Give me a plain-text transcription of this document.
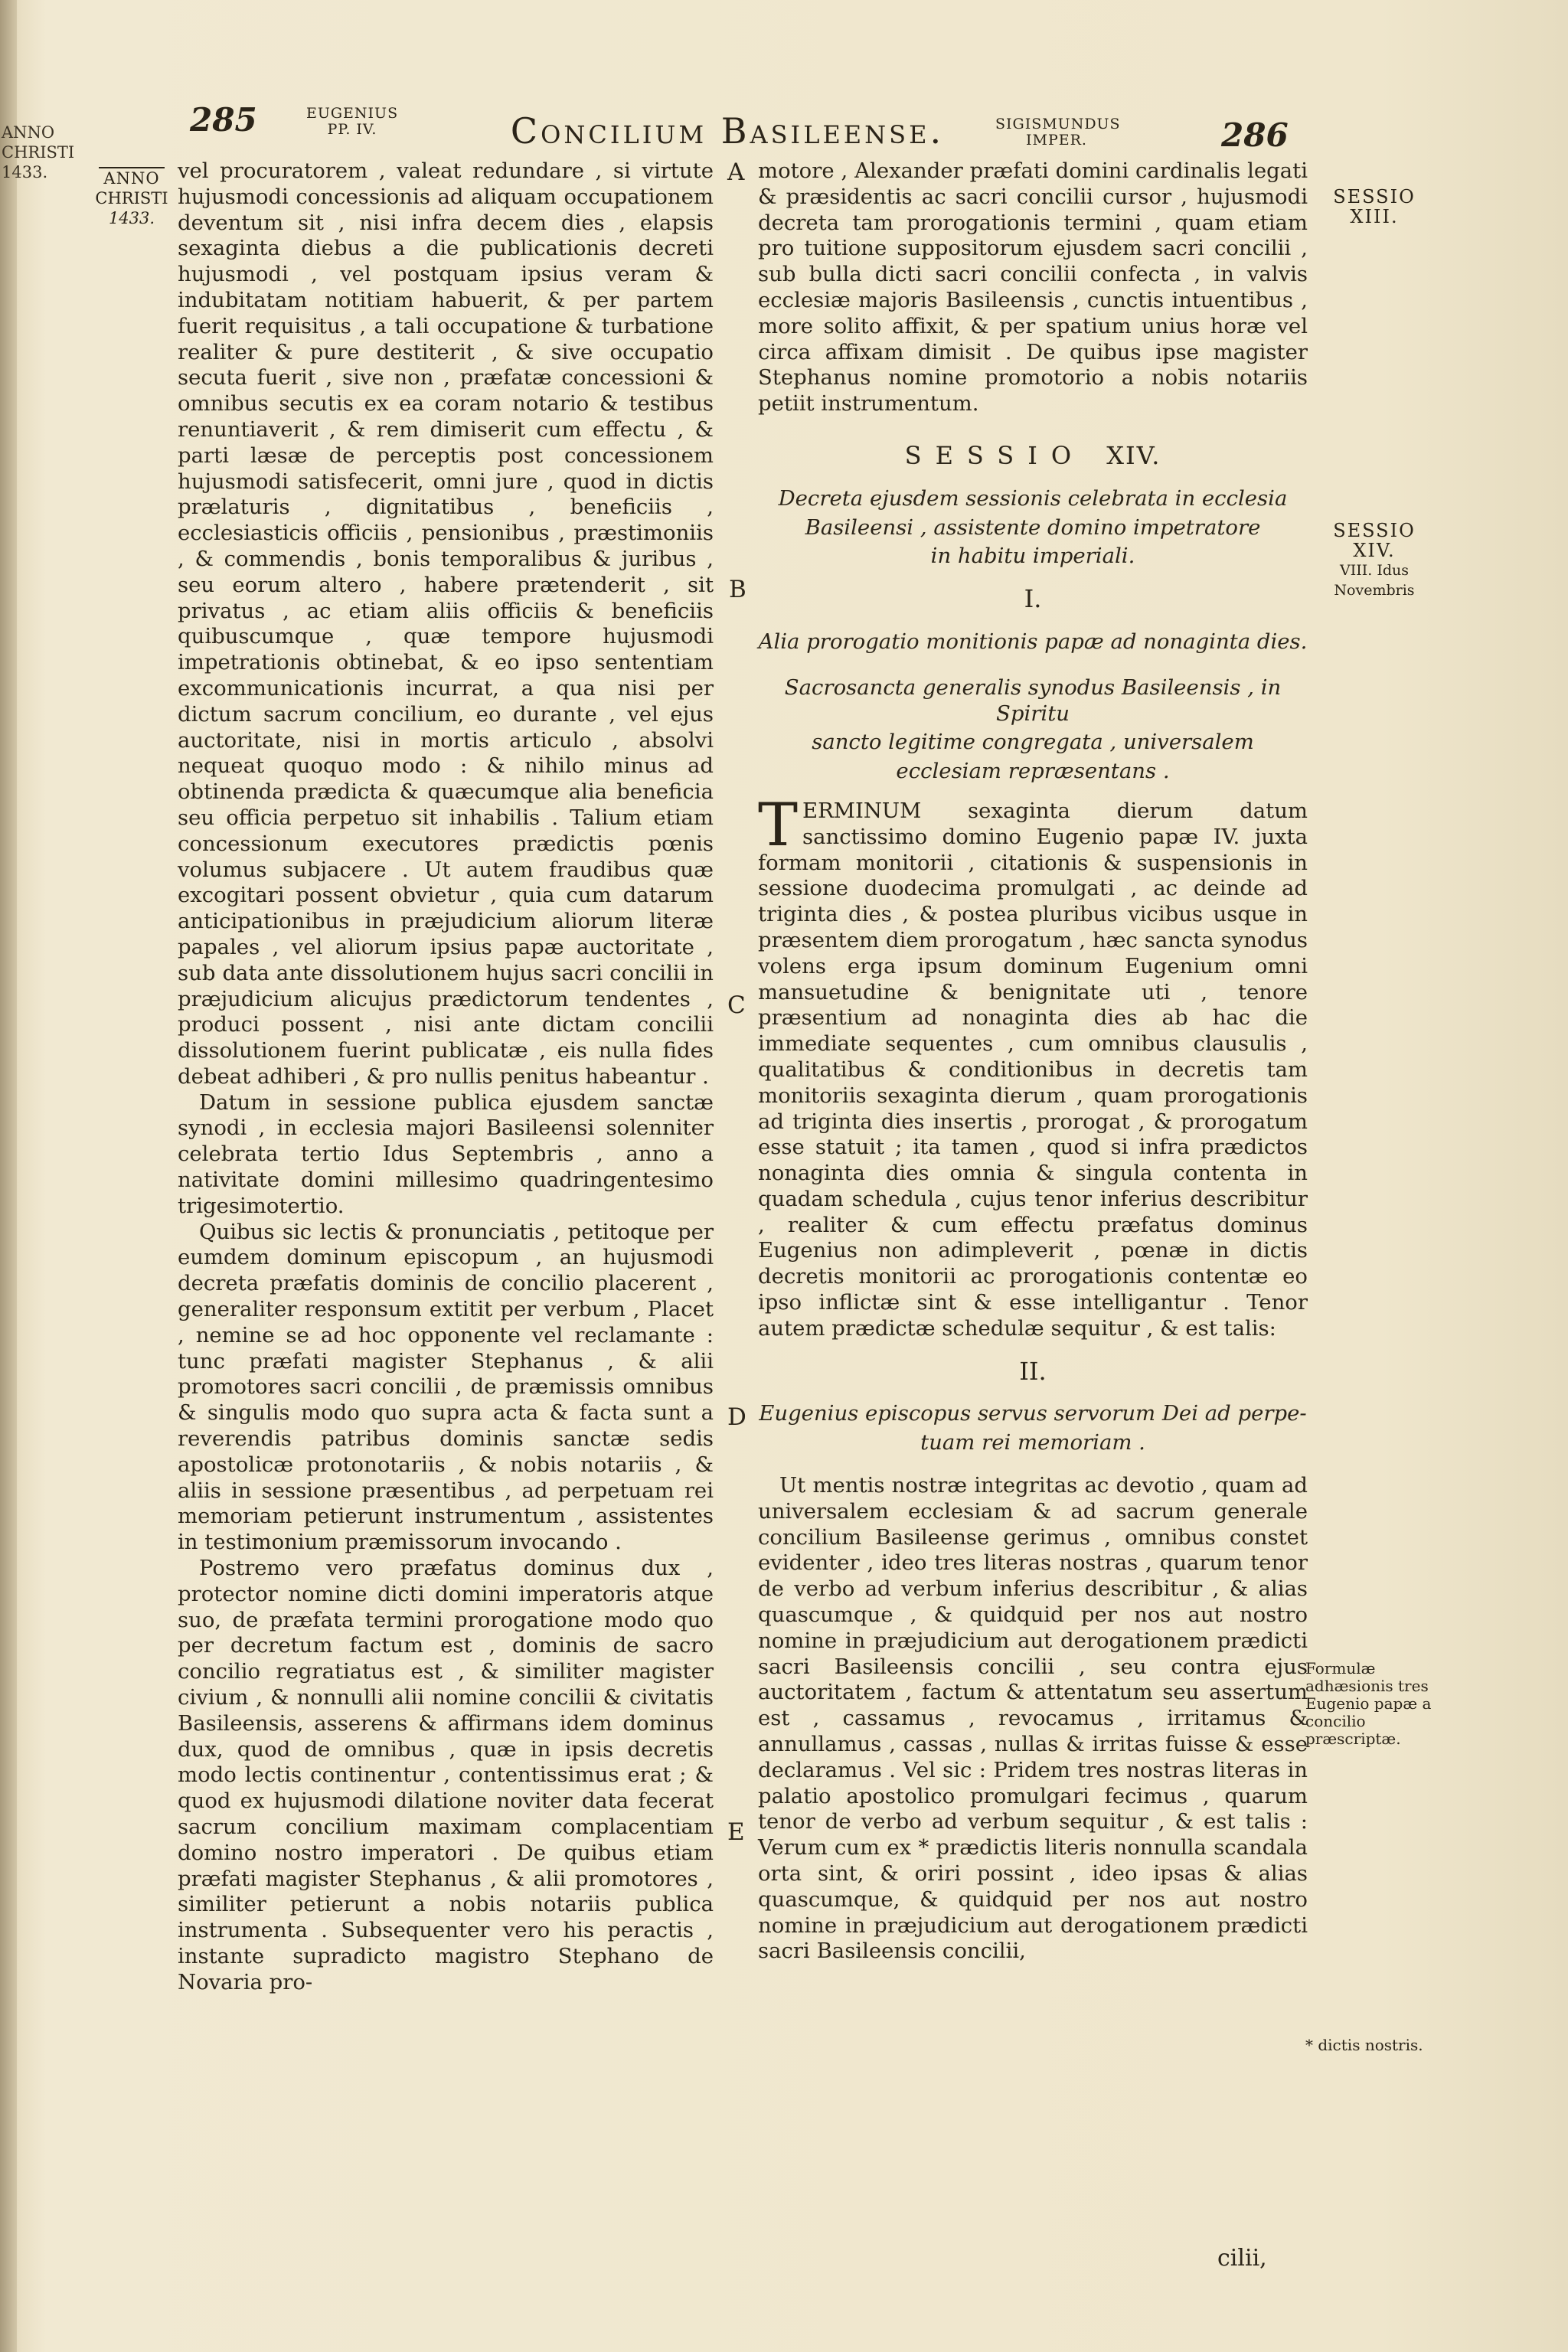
ANNO
CHRISTI
1433.
285	EUGENIUS
PP. IV.	Concilium Basileense.	SIGISMUNDUS
IMPER.	286
ANNO
CHRISTI
1433.

vel procuratorem , valeat redundare , si virtute hujusmodi concessionis ad aliquam occupationem deventum sit , nisi infra decem dies , elapsis sexaginta diebus a die publicationis decreti hujusmodi , vel postquam ipsius veram & indubitatam notitiam habuerit, & per partem fuerit requisitus , a tali occupatione & turbatione realiter & pure destiterit , & sive occupatio secuta fuerit , sive non , præfatæ concessioni & omnibus secutis ex ea coram notario & testibus renuntiaverit , & rem dimiserit cum effectu , & parti læsæ de perceptis post concessionem hujusmodi satisfecerit, omni jure , quod in dictis prælaturis , dignitatibus , beneficiis , ecclesiasticis officiis , pensionibus , præstimoniis , & commendis , bonis temporalibus & juribus , seu eorum altero , habere prætenderit , sit privatus , ac etiam aliis officiis & beneficiis quibuscumque , quæ tempore hujusmodi impetrationis obtinebat, & eo ipso sententiam excommunicationis incurrat, a qua nisi per dictum sacrum concilium, eo durante , vel ejus auctoritate, nisi in mortis articulo , absolvi nequeat quoquo modo : & nihilo minus ad obtinenda prædicta & quæcumque alia beneficia seu officia perpetuo sit inhabilis . Talium etiam concessionum executores prædictis pœnis volumus subjacere . Ut autem fraudibus quæ excogitari possent obvietur , quia cum datarum anticipationibus in præjudicium aliorum literæ papales , vel aliorum ipsius papæ auctoritate , sub data ante dissolutionem hujus sacri concilii in præjudicium alicujus prædictorum tendentes , produci possent , nisi ante dictam concilii dissolutionem fuerint publicatæ , eis nulla fides debeat adhiberi , & pro nullis penitus habeantur .

Datum in sessione publica ejusdem sanctæ synodi , in ecclesia majori Basileensi solenniter celebrata tertio Idus Septembris , anno a nativitate domini millesimo quadringentesimo trigesimotertio.

Quibus sic lectis & pronunciatis , petitoque per eumdem dominum episcopum , an hujusmodi decreta præfatis dominis de concilio placerent , generaliter responsum extitit per verbum , Placet , nemine se ad hoc opponente vel reclamante : tunc præfati magister Stephanus , & alii promotores sacri concilii , de præmissis omnibus & singulis modo quo supra acta & facta sunt a reverendis patribus dominis sanctæ sedis apostolicæ protonotariis , & nobis notariis , & aliis in sessione præsentibus , ad perpetuam rei memoriam petierunt instrumentum , assistentes in testimonium præmissorum invocando .

Postremo vero præfatus dominus dux , protector nomine dicti domini imperatoris atque suo, de præfata termini prorogatione modo quo per decretum factum est , dominis de sacro concilio regratiatus est , & similiter magister civium , & nonnulli alii nomine concilii & civitatis Basileensis, asserens & affirmans idem dominus dux, quod de omnibus , quæ in ipsis decretis modo lectis continentur , contentissimus erat ; & quod ex hujusmodi dilatione noviter data fecerat sacrum concilium maximam complacentiam domino nostro imperatori . De quibus etiam præfati magister Stephanus , & alii promotores , similiter petierunt a nobis notariis publica instrumenta . Subsequenter vero his peractis , instante supradicto magistro Stephano de Novaria pro-

A
B
C
D
E

motore , Alexander præfati domini cardinalis legati & præsidentis ac sacri concilii cursor , hujusmodi decreta tam prorogationis termini , quam etiam pro tuitione suppositorum ejusdem sacri concilii , sub bulla dicti sacri concilii confecta , in valvis ecclesiæ majoris Basileensis , cunctis intuentibus , more solito affixit, & per spatium unius horæ vel circa affixam dimisit . De quibus ipse magister Stephanus nomine promotorio a nobis notariis petiit instrumentum.

SESSIO XIV.
Decreta ejusdem sessionis celebrata in ecclesia
Basileensi , assistente domino impetratore
in habitu imperiali.
I.
Alia prorogatio monitionis papæ ad nonaginta dies.
Sacrosancta generalis synodus Basileensis , in Spiritu
sancto legitime congregata , universalem
ecclesiam repræsentans .

TERMINUM sexaginta dierum datum sanctissimo domino Eugenio papæ IV. juxta formam monitorii , citationis & suspensionis in sessione duodecima promulgati , ac deinde ad triginta dies , & postea pluribus vicibus usque in præsentem diem prorogatum , hæc sancta synodus volens erga ipsum dominum Eugenium omni mansuetudine & benignitate uti , tenore præsentium ad nonaginta dies ab hac die immediate sequentes , cum omnibus clausulis , qualitatibus & conditionibus in decretis tam monitoriis sexaginta dierum , quam prorogationis ad triginta dies insertis , prorogat , & prorogatum esse statuit ; ita tamen , quod si infra prædictos nonaginta dies omnia & singula contenta in quadam schedula , cujus tenor inferius describitur , realiter & cum effectu præfatus dominus Eugenius non adimpleverit , pœnæ in dictis decretis monitorii ac prorogationis contentæ eo ipso inflictæ sint & esse intelligantur . Tenor autem prædictæ schedulæ sequitur , & est talis:

II.
Eugenius episcopus servus servorum Dei ad perpe-
tuam rei memoriam .

Ut mentis nostræ integritas ac devotio , quam ad universalem ecclesiam & ad sacrum generale concilium Basileense gerimus , omnibus constet evidenter , ideo tres literas nostras , quarum tenor de verbo ad verbum inferius describitur , & alias quascumque , & quidquid per nos aut nostro nomine in præjudicium aut derogationem prædicti sacri Basileensis concilii , seu contra ejus auctoritatem , factum & attentatum seu assertum est , cassamus , revocamus , irritamus & annullamus , cassas , nullas & irritas fuisse & esse declaramus . Vel sic : Pridem tres nostras literas in palatio apostolico promulgari fecimus , quarum tenor de verbo ad verbum sequitur , & est talis : Verum cum ex * prædictis literis nonnulla scandala orta sint, & oriri possint , ideo ipsas & alias quascumque, & quidquid per nos aut nostro nomine in præjudicium aut derogationem prædicti sacri Basileensis concilii,

SESSIO
XIII.
SESSIO
XIV.
VIII. Idus
Novembris
Formulæ adhæsionis tres Eugenio papæ a concilio præscriptæ.
* dictis nostris.
cilii,
